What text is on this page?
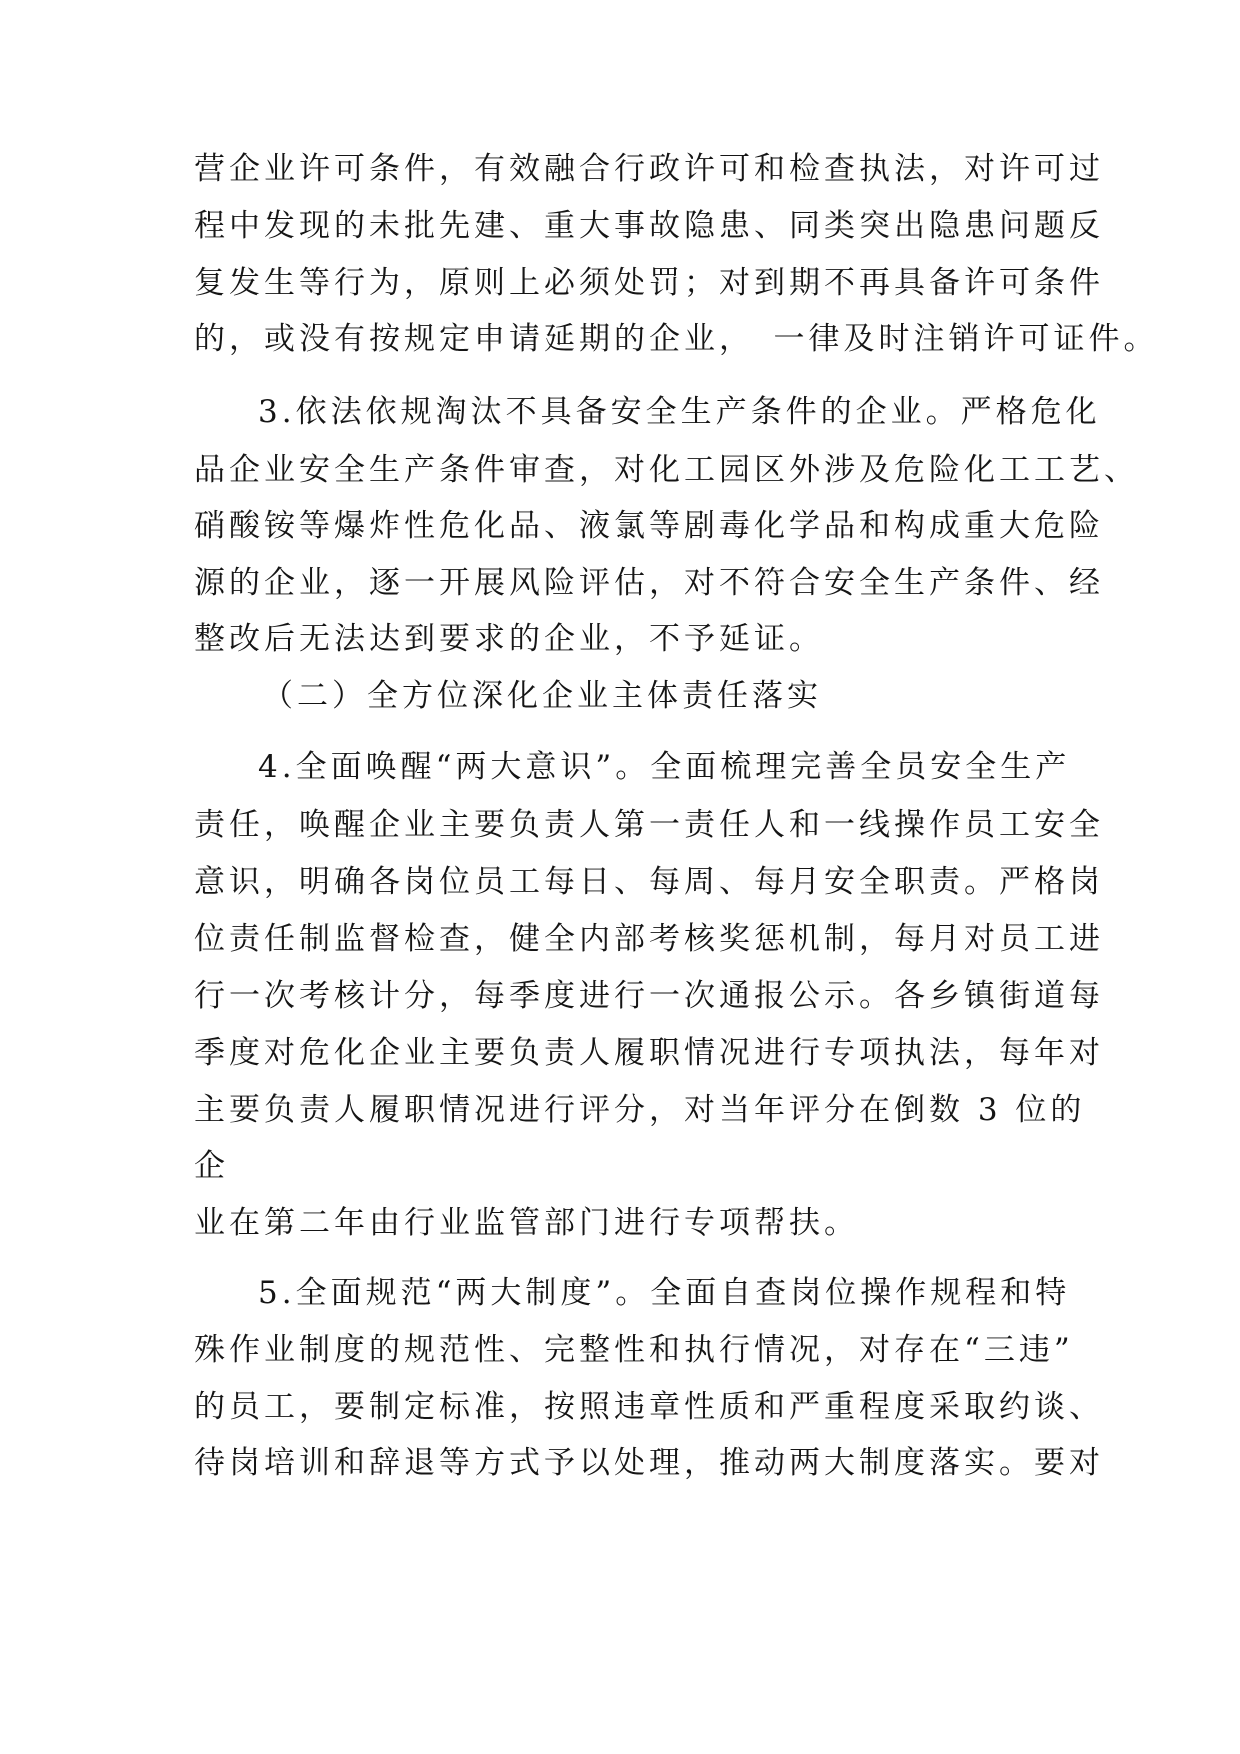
营企业许可条件，有效融合行政许可和检查执法，对许可过
程中发现的未批先建、重大事故隐患、同类突出隐患问题反
复发生等行为，原则上必须处罚；对到期不再具备许可条件
的，或没有按规定申请延期的企业，　一律及时注销许可证件。
3.依法依规淘汰不具备安全生产条件的企业。严格危化
品企业安全生产条件审查，对化工园区外涉及危险化工工艺、
硝酸铵等爆炸性危化品、液氯等剧毒化学品和构成重大危险
源的企业，逐一开展风险评估，对不符合安全生产条件、经
整改后无法达到要求的企业，不予延证。
（二）全方位深化企业主体责任落实
4.全面唤醒“两大意识”。全面梳理完善全员安全生产
责任，唤醒企业主要负责人第一责任人和一线操作员工安全
意识，明确各岗位员工每日、每周、每月安全职责。严格岗
位责任制监督检查，健全内部考核奖惩机制，每月对员工进
行一次考核计分，每季度进行一次通报公示。各乡镇街道每
季度对危化企业主要负责人履职情况进行专项执法，每年对
主要负责人履职情况进行评分，对当年评分在倒数 3 位的
企
业在第二年由行业监管部门进行专项帮扶。
5.全面规范“两大制度”。全面自查岗位操作规程和特
殊作业制度的规范性、完整性和执行情况，对存在“三违”
的员工，要制定标准，按照违章性质和严重程度采取约谈、
待岗培训和辞退等方式予以处理，推动两大制度落实。要对
